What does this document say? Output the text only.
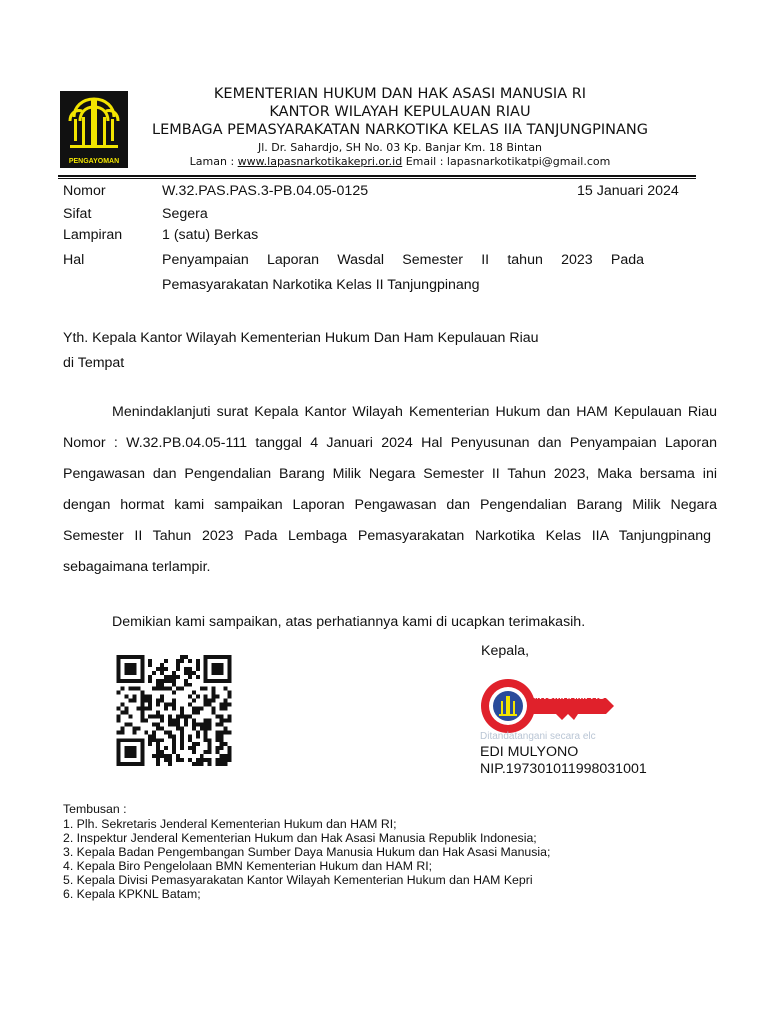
PENGAYOMAN
KEMENTERIAN HUKUM DAN HAK ASASI MANUSIA RI
KANTOR WILAYAH KEPULAUAN RIAU
LEMBAGA PEMASYARAKATAN NARKOTIKA KELAS IIA TANJUNGPINANG
Jl. Dr. Sahardjo, SH No. 03 Kp. Banjar Km. 18 Bintan
Laman : www.lapasnarkotikakepri.or.id Email : lapasnarkotikatpi@gmail.com
Nomor	W.32.PAS.PAS.3-PB.04.05-0125	15 Januari 2024
Sifat	Segera
Lampiran	1 (satu) Berkas
Hal	Penyampaian Laporan Wasdal Semester II tahun 2023 Pada
Pemasyarakatan Narkotika Kelas II Tanjungpinang
Yth. Kepala Kantor Wilayah Kementerian Hukum Dan Ham Kepulauan Riau
di Tempat
Menindaklanjuti surat Kepala Kantor Wilayah Kementerian Hukum dan HAM Kepulauan Riau
Nomor : W.32.PB.04.05-111 tanggal 4 Januari 2024 Hal Penyusunan dan Penyampaian Laporan
Pengawasan dan Pengendalian Barang Milik Negara Semester II Tahun 2023, Maka bersama ini
dengan hormat kami sampaikan Laporan Pengawasan dan Pengendalian Barang Milik Negara
Semester II Tahun 2023 Pada Lembaga Pemasyarakatan Narkotika Kelas IIA Tanjungpinang
sebagaimana terlampir.
Demikian kami sampaikan, atas perhatiannya kami di ucapkan terimakasih.
Kepala,
#KUMHAMPASTI
Ditandatangani secara elc
EDI MULYONO
NIP.197301011998031001
Tembusan :
1. Plh. Sekretaris Jenderal Kementerian Hukum dan HAM RI;
2. Inspektur Jenderal Kementerian Hukum dan Hak Asasi Manusia Republik Indonesia;
3. Kepala Badan Pengembangan Sumber Daya Manusia Hukum dan Hak Asasi Manusia;
4. Kepala Biro Pengelolaan BMN Kementerian Hukum dan HAM RI;
5. Kepala Divisi Pemasyarakatan Kantor Wilayah Kementerian Hukum dan HAM Kepri
6. Kepala KPKNL Batam;
